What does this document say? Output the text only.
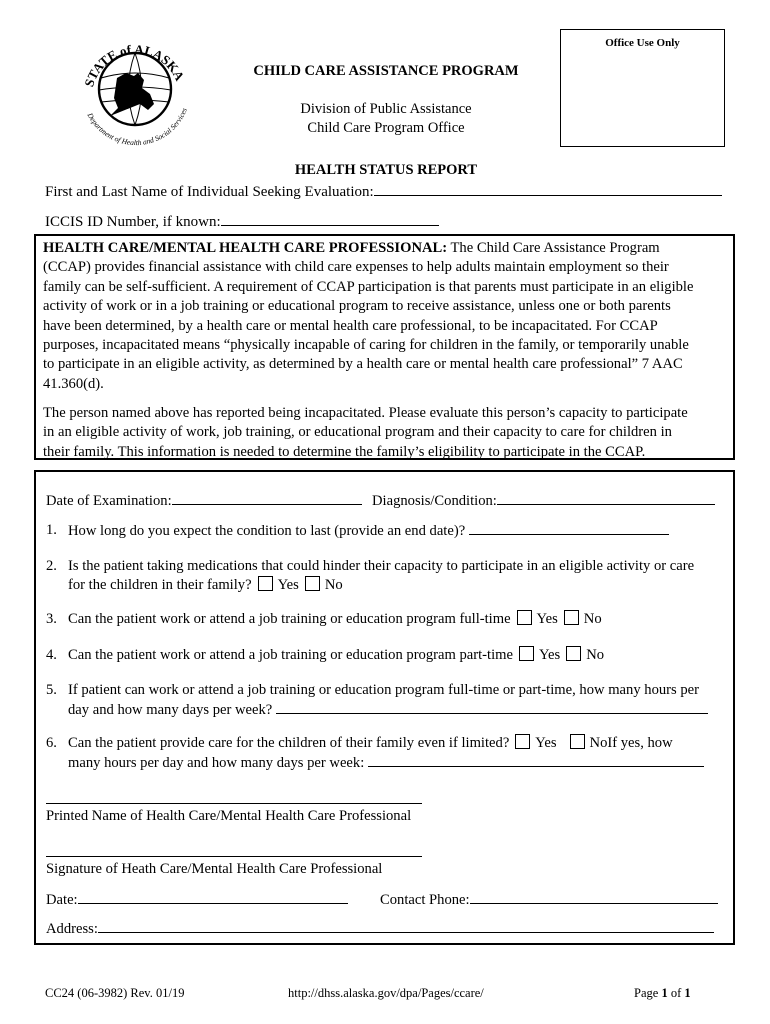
STATE of ALASKA
Department of Health and Social Services
Office Use Only
CHILD CARE ASSISTANCE PROGRAM
Division of Public Assistance
Child Care Program Office
HEALTH STATUS REPORT
First and Last Name of Individual Seeking Evaluation:
ICCIS ID Number, if known:
HEALTH CARE/MENTAL HEALTH CARE PROFESSIONAL: The Child Care Assistance Program
(CCAP) provides financial assistance with child care expenses to help adults maintain employment so their
family can be self-sufficient. A requirement of CCAP participation is that parents must participate in an eligible
activity of work or in a job training or educational program to receive assistance, unless one or both parents
have been determined, by a health care or mental health care professional, to be incapacitated. For CCAP
purposes, incapacitated means “physically incapable of caring for children in the family, or temporarily unable
to participate in an eligible activity, as determined by a health care or mental health care professional” 7 AAC
41.360(d).
The person named above has reported being incapacitated. Please evaluate this person’s capacity to participate
in an eligible activity of work, job training, or educational program and their capacity to care for children in
their family. This information is needed to determine the family’s eligibility to participate in the CCAP.
Date of Examination:	Diagnosis/Condition:
1. How long do you expect the condition to last (provide an end date)?
2. Is the patient taking medications that could hinder their capacity to participate in an eligible activity or care
for the children in their family? Yes No
3. Can the patient work or attend a job training or education program full-time Yes No
4. Can the patient work or attend a job training or education program part-time Yes No
5. If patient can work or attend a job training or education program full-time or part-time, how many hours per
day and how many days per week?
6. Can the patient provide care for the children of their family even if limited? Yes NoIf yes, how
many hours per day and how many days per week:
Printed Name of Health Care/Mental Health Care Professional
Signature of Heath Care/Mental Health Care Professional
Date:	Contact Phone:
Address:
CC24 (06-3982) Rev. 01/19	http://dhss.alaska.gov/dpa/Pages/ccare/	Page 1 of 1
